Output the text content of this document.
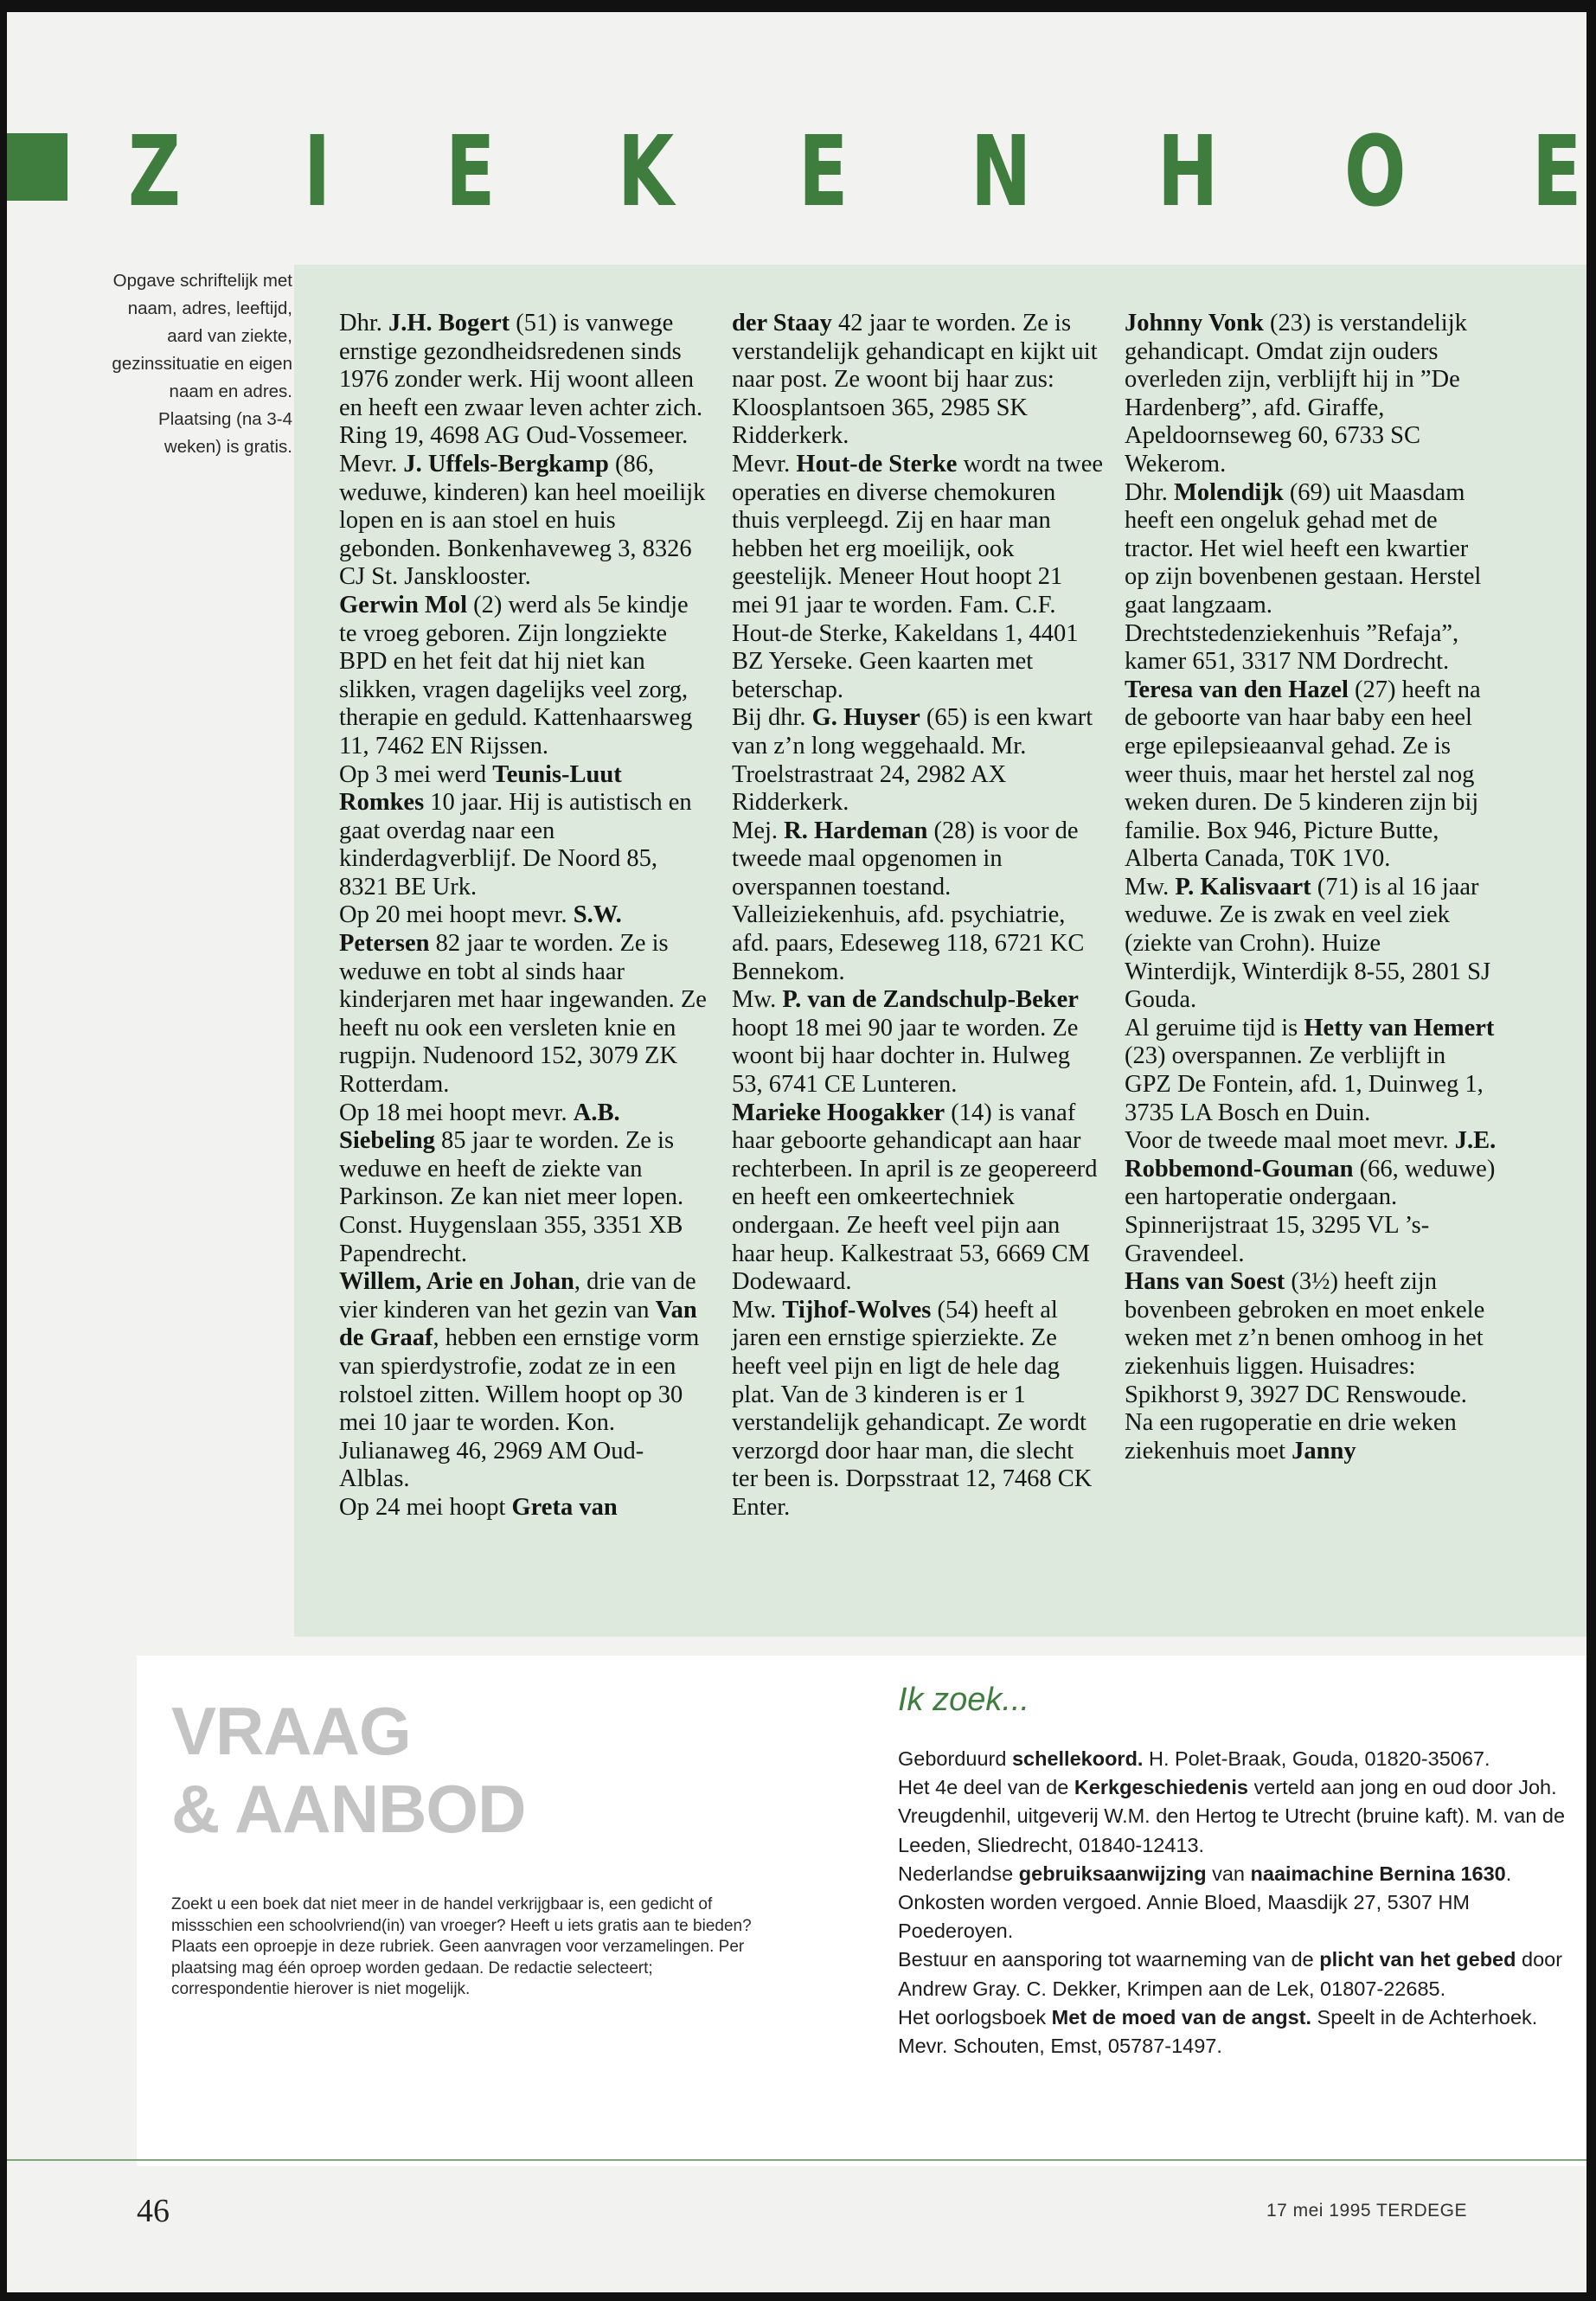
Z I E K E N H O E
Opgave schriftelijk met naam, adres, leeftijd, aard van ziekte, gezinssituatie en eigen naam en adres. Plaatsing (na 3-4 weken) is gratis.

Dhr. J.H. Bogert (51) is vanwege ernstige gezondheidsredenen sinds 1976 zonder werk. Hij woont alleen en heeft een zwaar leven achter zich. Ring 19, 4698 AG Oud-Vossemeer.

Mevr. J. Uffels-Bergkamp (86, weduwe, kinderen) kan heel moeilijk lopen en is aan stoel en huis gebonden. Bonkenhaveweg 3, 8326 CJ St. Jansklooster.

Gerwin Mol (2) werd als 5e kindje te vroeg geboren. Zijn longziekte BPD en het feit dat hij niet kan slikken, vragen dagelijks veel zorg, therapie en geduld. Kattenhaarsweg 11, 7462 EN Rijssen.

Op 3 mei werd Teunis-Luut Romkes 10 jaar. Hij is autistisch en gaat overdag naar een kinderdagverblijf. De Noord 85, 8321 BE Urk.

Op 20 mei hoopt mevr. S.W. Petersen 82 jaar te worden. Ze is weduwe en tobt al sinds haar kinderjaren met haar ingewanden. Ze heeft nu ook een versleten knie en rugpijn. Nudenoord 152, 3079 ZK Rotterdam.

Op 18 mei hoopt mevr. A.B. Siebeling 85 jaar te worden. Ze is weduwe en heeft de ziekte van Parkinson. Ze kan niet meer lopen. Const. Huygenslaan 355, 3351 XB Papendrecht.

Willem, Arie en Johan, drie van de vier kinderen van het gezin van Van de Graaf, hebben een ernstige vorm van spierdystrofie, zodat ze in een rolstoel zitten. Willem hoopt op 30 mei 10 jaar te worden. Kon. Julianaweg 46, 2969 AM Oud-Alblas.

Op 24 mei hoopt Greta van

der Staay 42 jaar te worden. Ze is verstandelijk gehandicapt en kijkt uit naar post. Ze woont bij haar zus: Kloosplantsoen 365, 2985 SK Ridderkerk.

Mevr. Hout-de Sterke wordt na twee operaties en diverse chemokuren thuis verpleegd. Zij en haar man hebben het erg moeilijk, ook geestelijk. Meneer Hout hoopt 21 mei 91 jaar te worden. Fam. C.F. Hout-de Sterke, Kakeldans 1, 4401 BZ Yerseke. Geen kaarten met beterschap.

Bij dhr. G. Huyser (65) is een kwart van z’n long weggehaald. Mr. Troelstrastraat 24, 2982 AX Ridderkerk.

Mej. R. Hardeman (28) is voor de tweede maal opgenomen in overspannen toestand. Valleiziekenhuis, afd. psychiatrie, afd. paars, Edeseweg 118, 6721 KC Bennekom.

Mw. P. van de Zandschulp-Beker hoopt 18 mei 90 jaar te worden. Ze woont bij haar dochter in. Hulweg 53, 6741 CE Lunteren.

Marieke Hoogakker (14) is vanaf haar geboorte gehandicapt aan haar rechterbeen. In april is ze geopereerd en heeft een omkeertechniek ondergaan. Ze heeft veel pijn aan haar heup. Kalkestraat 53, 6669 CM Dodewaard.

Mw. Tijhof-Wolves (54) heeft al jaren een ernstige spierziekte. Ze heeft veel pijn en ligt de hele dag plat. Van de 3 kinderen is er 1 verstandelijk gehandicapt. Ze wordt verzorgd door haar man, die slecht ter been is. Dorpsstraat 12, 7468 CK Enter.

Johnny Vonk (23) is verstandelijk gehandicapt. Omdat zijn ouders overleden zijn, verblijft hij in ”De Hardenberg”, afd. Giraffe, Apeldoornseweg 60, 6733 SC Wekerom.

Dhr. Molendijk (69) uit Maasdam heeft een ongeluk gehad met de tractor. Het wiel heeft een kwartier op zijn bovenbenen gestaan. Herstel gaat langzaam. Drechtstedenziekenhuis ”Refaja”, kamer 651, 3317 NM Dordrecht.

Teresa van den Hazel (27) heeft na de geboorte van haar baby een heel erge epilepsieaanval gehad. Ze is weer thuis, maar het herstel zal nog weken duren. De 5 kinderen zijn bij familie. Box 946, Picture Butte, Alberta Canada, T0K 1V0.

Mw. P. Kalisvaart (71) is al 16 jaar weduwe. Ze is zwak en veel ziek (ziekte van Crohn). Huize Winterdijk, Winterdijk 8-55, 2801 SJ Gouda.

Al geruime tijd is Hetty van Hemert (23) overspannen. Ze verblijft in GPZ De Fontein, afd. 1, Duinweg 1, 3735 LA Bosch en Duin.

Voor de tweede maal moet mevr. J.E. Robbemond-Gouman (66, weduwe) een hartoperatie ondergaan. Spinnerijstraat 15, 3295 VL ’s-Gravendeel.

Hans van Soest (3½) heeft zijn bovenbeen gebroken en moet enkele weken met z’n benen omhoog in het ziekenhuis liggen. Huisadres: Spikhorst 9, 3927 DC Renswoude.

Na een rugoperatie en drie weken ziekenhuis moet Janny

VRAAG
& AANBOD
Zoekt u een boek dat niet meer in de handel verkrijgbaar is, een gedicht of missschien een schoolvriend(in) van vroeger? Heeft u iets gratis aan te bieden? Plaats een oproepje in deze rubriek. Geen aanvragen voor verzamelingen. Per plaatsing mag één oproep worden gedaan. De redactie selecteert; correspondentie hierover is niet mogelijk.
Ik zoek...

Geborduurd schellekoord. H. Polet-Braak, Gouda, 01820-35067.

Het 4e deel van de Kerkgeschiedenis verteld aan jong en oud door Joh. Vreugdenhil, uitgeverij W.M. den Hertog te Utrecht (bruine kaft). M. van de Leeden, Sliedrecht, 01840-12413.

Nederlandse gebruiksaanwijzing van naaimachine Bernina 1630. Onkosten worden vergoed. Annie Bloed, Maasdijk 27, 5307 HM Poederoyen.

Bestuur en aansporing tot waarneming van de plicht van het gebed door Andrew Gray. C. Dekker, Krimpen aan de Lek, 01807-22685.

Het oorlogsboek Met de moed van de angst. Speelt in de Achterhoek. Mevr. Schouten, Emst, 05787-1497.

46	17 mei 1995 TERDEGE
